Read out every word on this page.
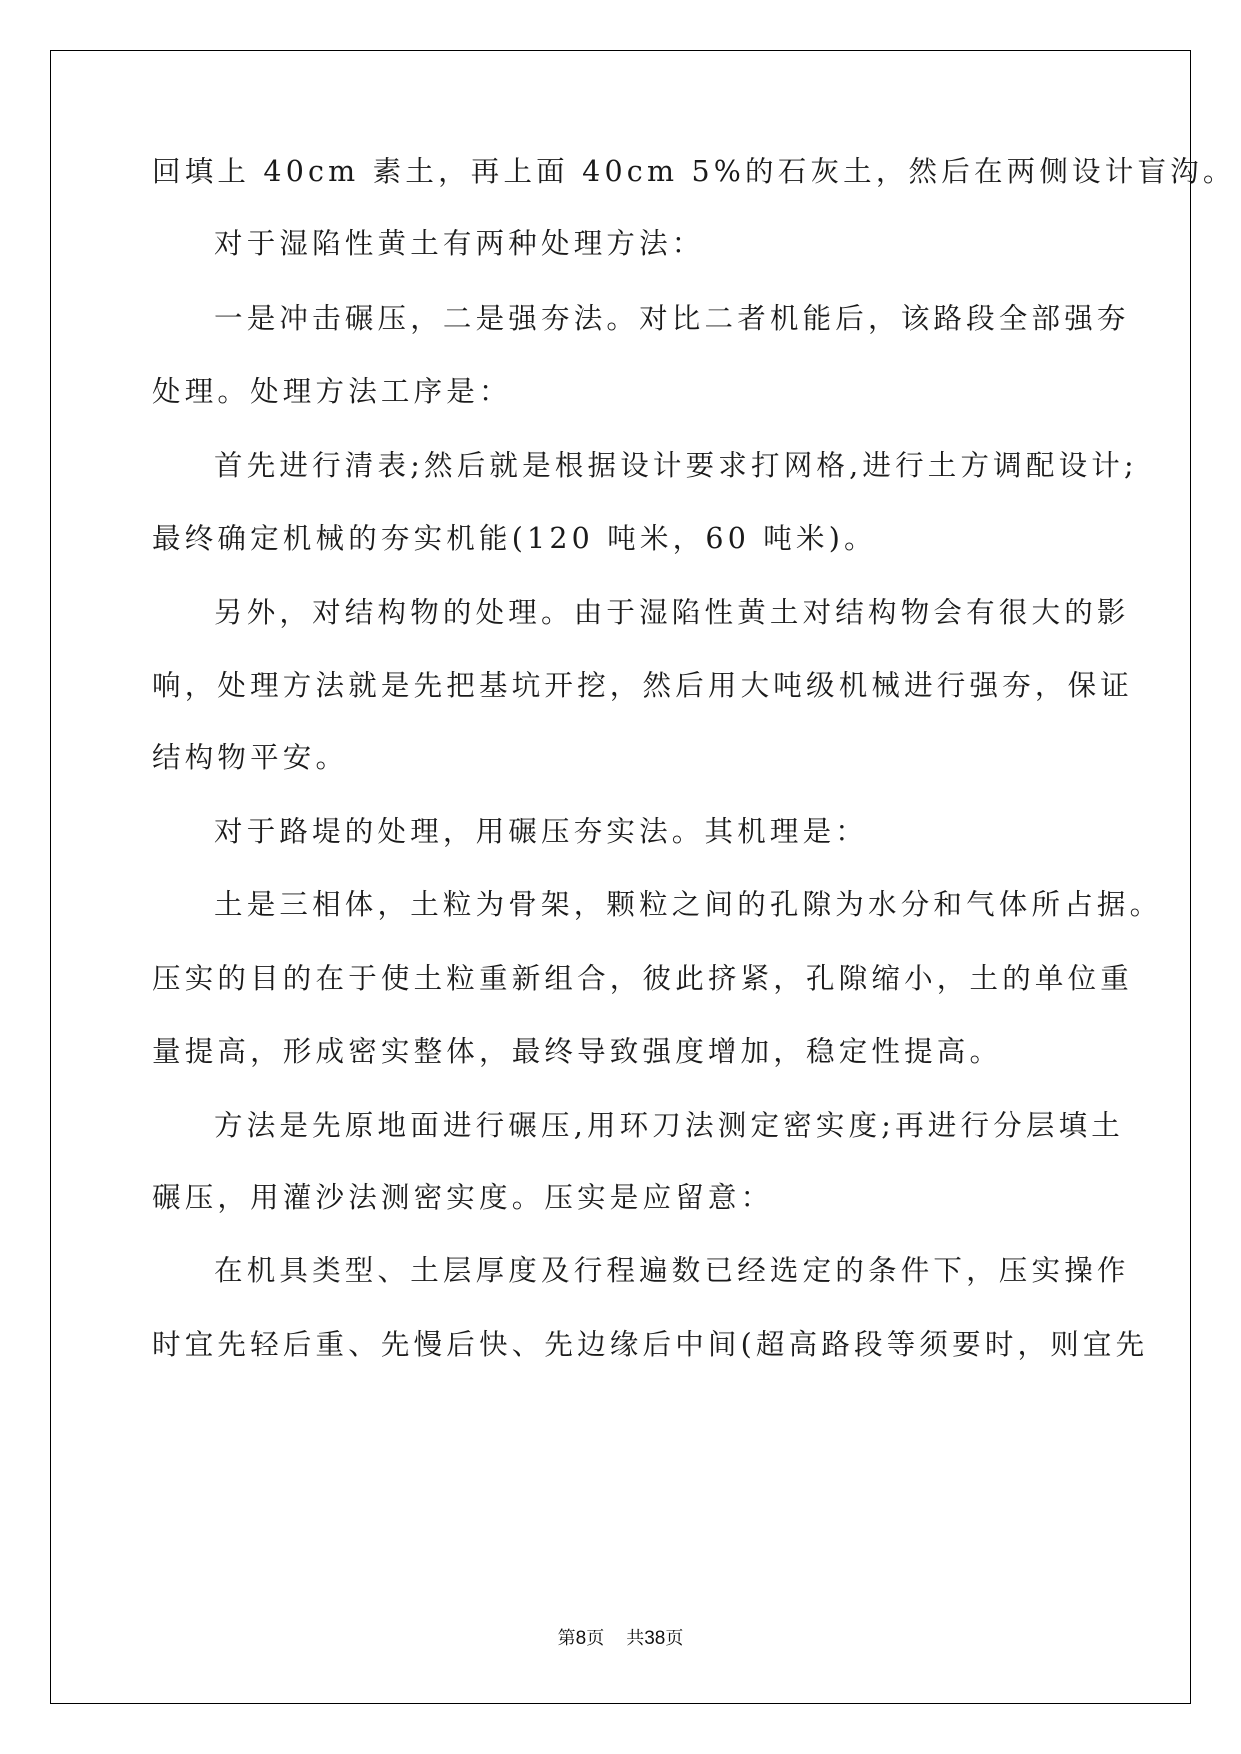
回填上 40cm 素土，再上面 40cm 5%的石灰土，然后在两侧设计盲沟。
对于湿陷性黄土有两种处理方法：
一是冲击碾压，二是强夯法。对比二者机能后，该路段全部强夯
处理。处理方法工序是：
首先进行清表;然后就是根据设计要求打网格,进行土方调配设计;
最终确定机械的夯实机能(120 吨米，60 吨米)。
另外，对结构物的处理。由于湿陷性黄土对结构物会有很大的影
响，处理方法就是先把基坑开挖，然后用大吨级机械进行强夯，保证
结构物平安。
对于路堤的处理，用碾压夯实法。其机理是：
土是三相体，土粒为骨架，颗粒之间的孔隙为水分和气体所占据。
压实的目的在于使土粒重新组合，彼此挤紧，孔隙缩小，土的单位重
量提高，形成密实整体，最终导致强度增加，稳定性提高。
方法是先原地面进行碾压,用环刀法测定密实度;再进行分层填土
碾压，用灌沙法测密实度。压实是应留意：
在机具类型、土层厚度及行程遍数已经选定的条件下，压实操作
时宜先轻后重、先慢后快、先边缘后中间(超高路段等须要时，则宜先
第8页 共38页
